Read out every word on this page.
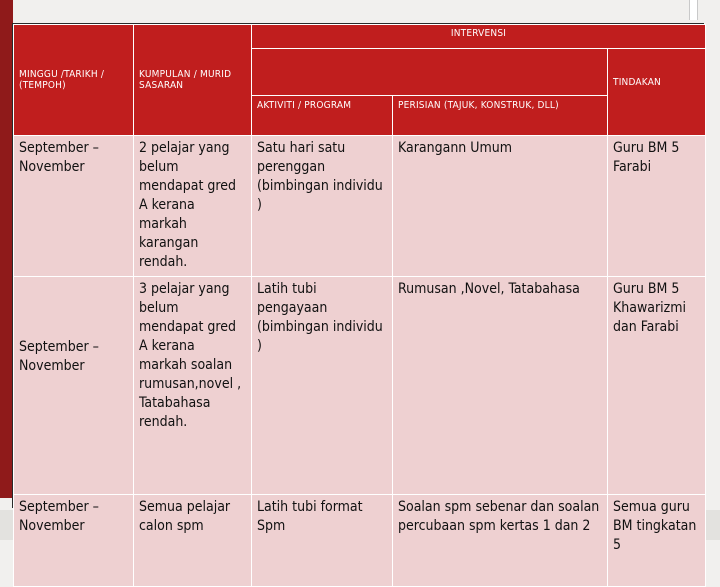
MINGGU /TARIKH / (TEMPOH)	KUMPULAN / MURID SASARAN	INTERVENSI		
				TINDAKAN
		AKTIVITI / PROGRAM	PERISIAN (TAJUK, KONSTRUK, DLL)	
September – November	2 pelajar yang belum mendapat gred A kerana markah karangan rendah.	Satu hari satu perenggan (bimbingan individu )	Karangann Umum	Guru BM 5 Farabi
September – November	3 pelajar yang belum mendapat gred A kerana markah soalan rumusan,novel , Tatabahasa rendah.	Latih tubi pengayaan (bimbingan individu )	Rumusan ,Novel, Tatabahasa	Guru BM 5 Khawarizmi dan Farabi
September – November	Semua pelajar calon spm	Latih tubi format Spm	Soalan spm sebenar dan soalan percubaan spm kertas 1 dan 2	Semua guru BM tingkatan 5
